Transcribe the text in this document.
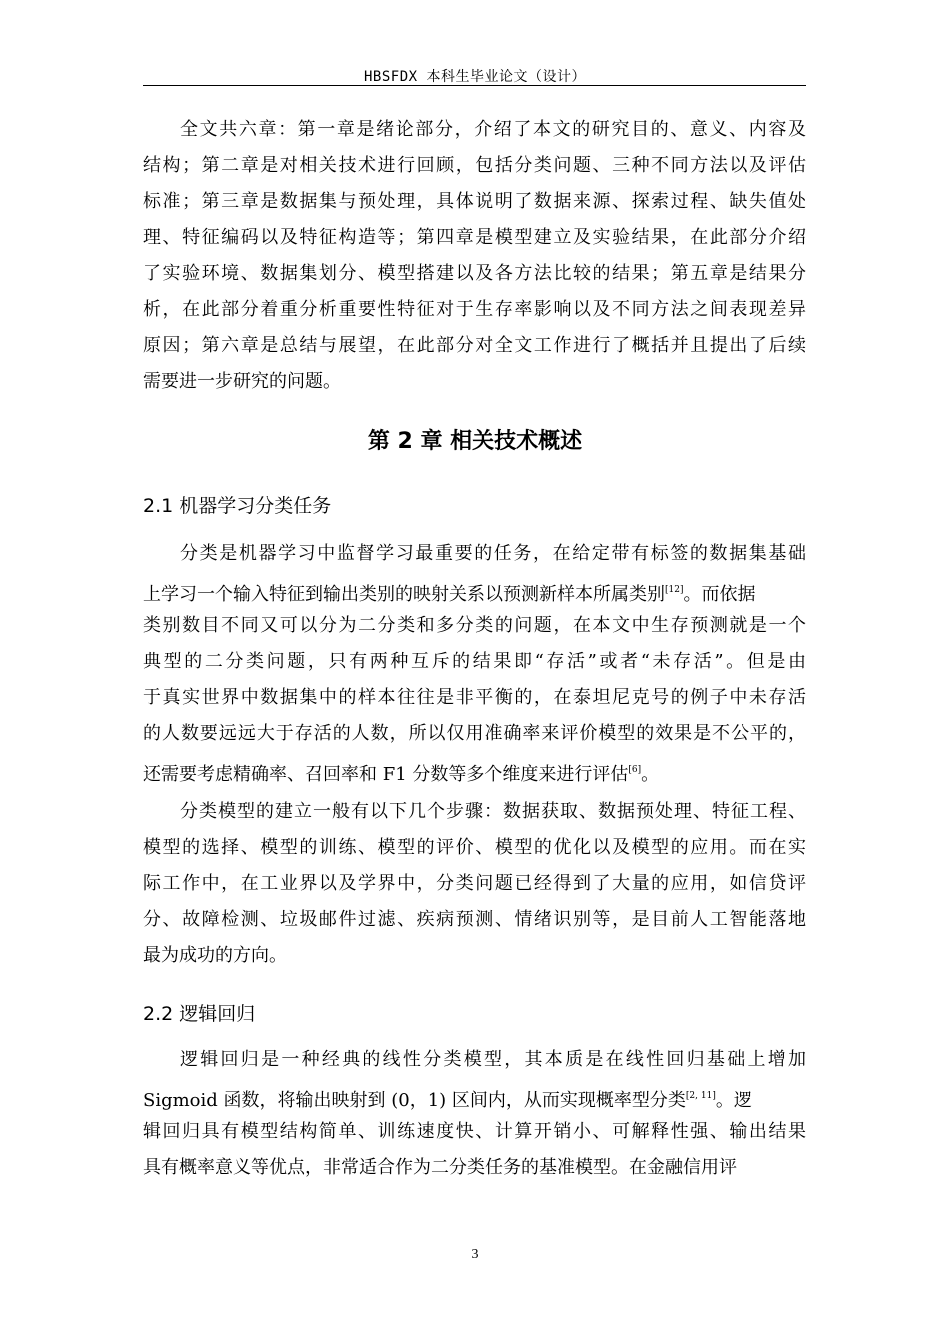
HBSFDX 本科生毕业论文（设计）
全文共六章：第一章是绪论部分，介绍了本文的研究目的、意义、内容及
结构；第二章是对相关技术进行回顾，包括分类问题、三种不同方法以及评估
标准；第三章是数据集与预处理，具体说明了数据来源、探索过程、缺失值处
理、特征编码以及特征构造等；第四章是模型建立及实验结果，在此部分介绍
了实验环境、数据集划分、模型搭建以及各方法比较的结果；第五章是结果分
析，在此部分着重分析重要性特征对于生存率影响以及不同方法之间表现差异
原因；第六章是总结与展望，在此部分对全文工作进行了概括并且提出了后续
需要进一步研究的问题。
第 2 章 相关技术概述
2.1 机器学习分类任务
分类是机器学习中监督学习最重要的任务，在给定带有标签的数据集基础
上学习一个输入特征到输出类别的映射关系以预测新样本所属类别[12]。而依据
类别数目不同又可以分为二分类和多分类的问题，在本文中生存预测就是一个
典型的二分类问题，只有两种互斥的结果即“存活”或者“未存活”。但是由
于真实世界中数据集中的样本往往是非平衡的，在泰坦尼克号的例子中未存活
的人数要远远大于存活的人数，所以仅用准确率来评价模型的效果是不公平的，
还需要考虑精确率、召回率和 F1 分数等多个维度来进行评估[6]。
分类模型的建立一般有以下几个步骤：数据获取、数据预处理、特征工程、
模型的选择、模型的训练、模型的评价、模型的优化以及模型的应用。而在实
际工作中，在工业界以及学界中，分类问题已经得到了大量的应用，如信贷评
分、故障检测、垃圾邮件过滤、疾病预测、情绪识别等，是目前人工智能落地
最为成功的方向。
2.2 逻辑回归
逻辑回归是一种经典的线性分类模型，其本质是在线性回归基础上增加
Sigmoid 函数，将输出映射到 (0，1) 区间内，从而实现概率型分类[2, 11]。逻
辑回归具有模型结构简单、训练速度快、计算开销小、可解释性强、输出结果
具有概率意义等优点，非常适合作为二分类任务的基准模型。在金融信用评
3
